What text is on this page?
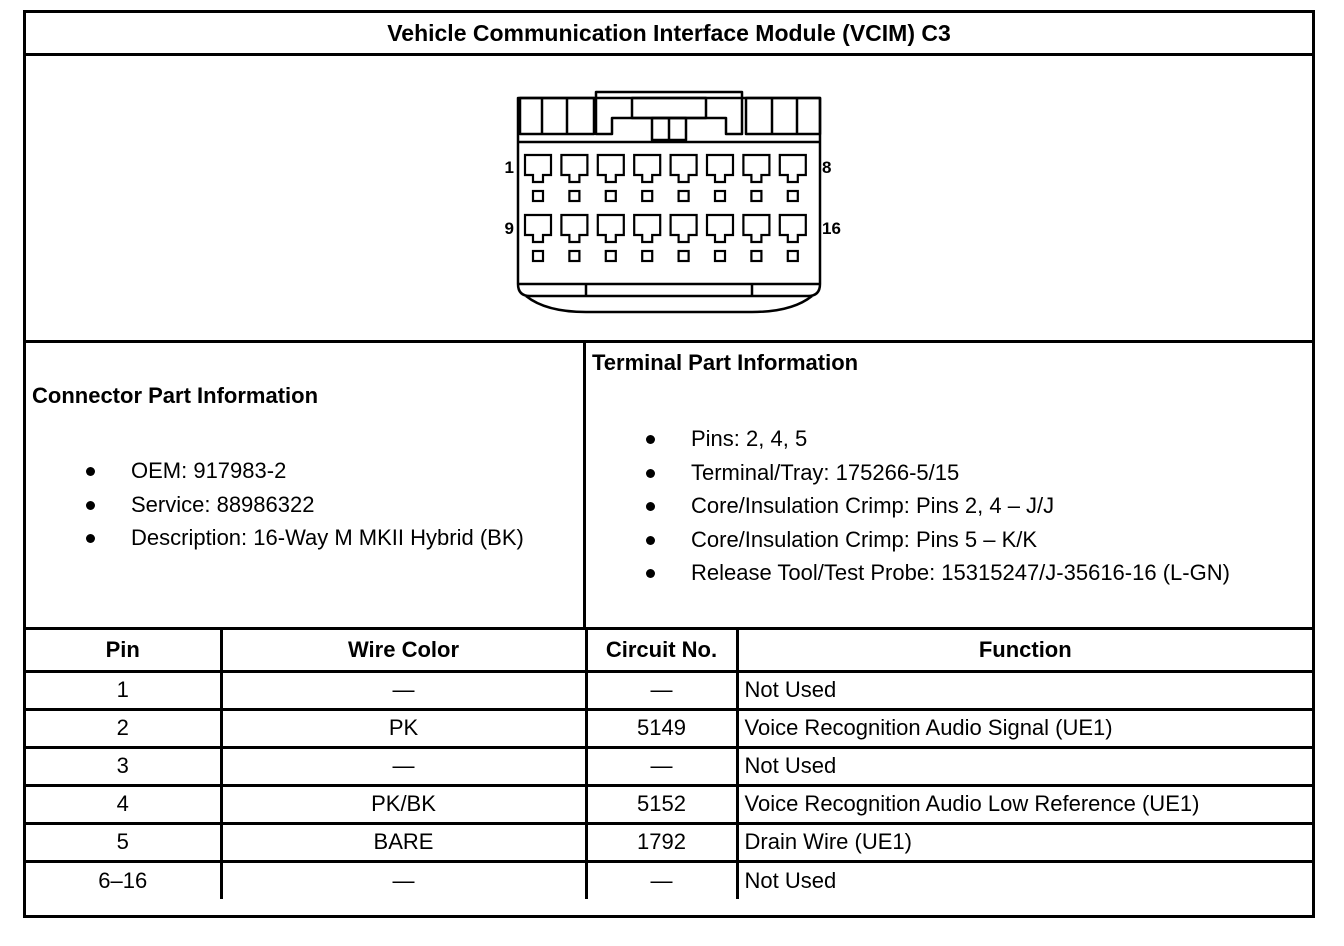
Vehicle Communication Interface Module (VCIM) C3
1	8
9	16
Connector Part Information
OEM: 917983-2
Service: 88986322
Description: 16-Way M MKII Hybrid (BK)
Terminal Part Information
Pins: 2, 4, 5
Terminal/Tray: 175266-5/15
Core/Insulation Crimp: Pins 2, 4 – J/J
Core/Insulation Crimp: Pins 5 – K/K
Release Tool/Test Probe: 15315247/J-35616-16 (L-GN)
Pin	Wire Color	Circuit No.	Function
1	—	—	Not Used
2	PK	5149	Voice Recognition Audio Signal (UE1)
3	—	—	Not Used
4	PK/BK	5152	Voice Recognition Audio Low Reference (UE1)
5	BARE	1792	Drain Wire (UE1)
6–16	—	—	Not Used
